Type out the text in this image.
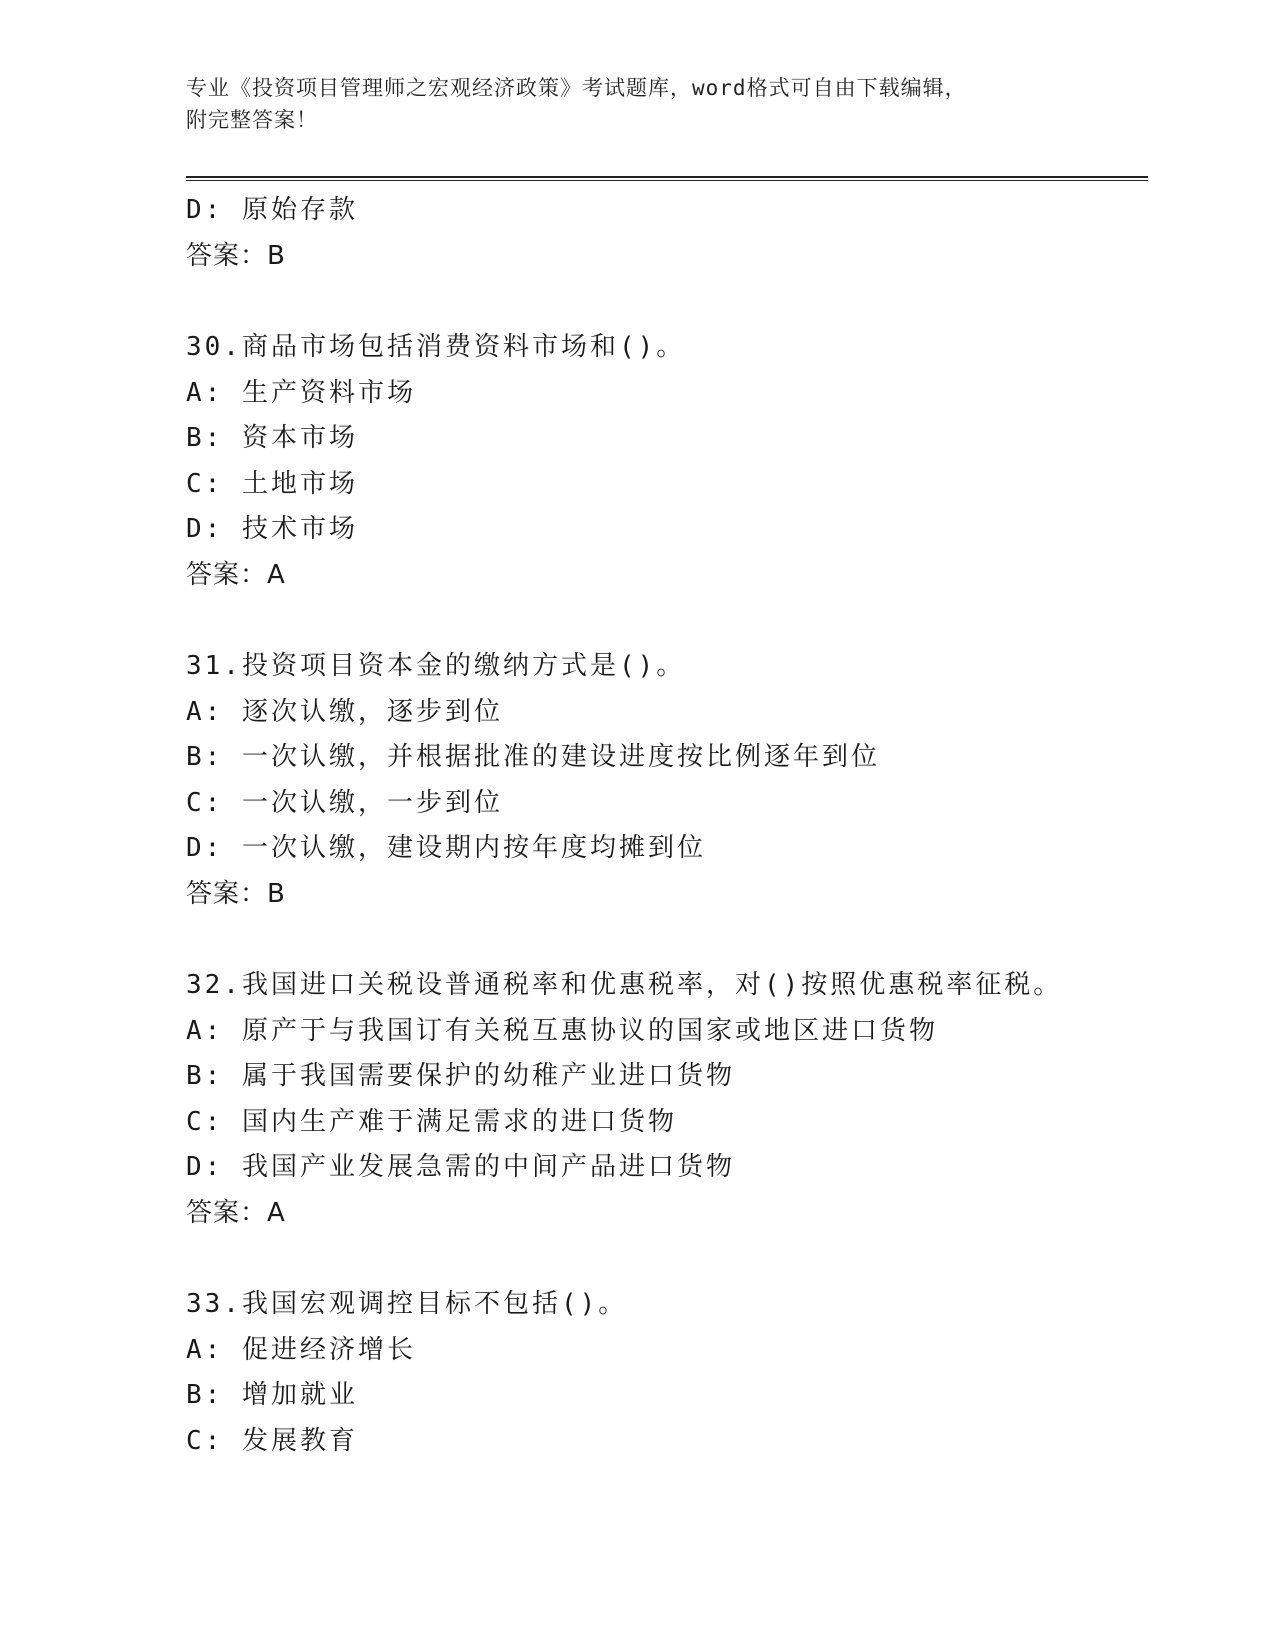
专业《投资项目管理师之宏观经济政策》考试题库，word格式可自由下载编辑，
附完整答案！
D: 原始存款
答案：B
30.商品市场包括消费资料市场和()。
A: 生产资料市场
B: 资本市场
C: 土地市场
D: 技术市场
答案：A
31.投资项目资本金的缴纳方式是()。
A: 逐次认缴，逐步到位
B: 一次认缴，并根据批准的建设进度按比例逐年到位
C: 一次认缴，一步到位
D: 一次认缴，建设期内按年度均摊到位
答案：B
32.我国进口关税设普通税率和优惠税率，对()按照优惠税率征税。
A: 原产于与我国订有关税互惠协议的国家或地区进口货物
B: 属于我国需要保护的幼稚产业进口货物
C: 国内生产难于满足需求的进口货物
D: 我国产业发展急需的中间产品进口货物
答案：A
33.我国宏观调控目标不包括()。
A: 促进经济增长
B: 增加就业
C: 发展教育
